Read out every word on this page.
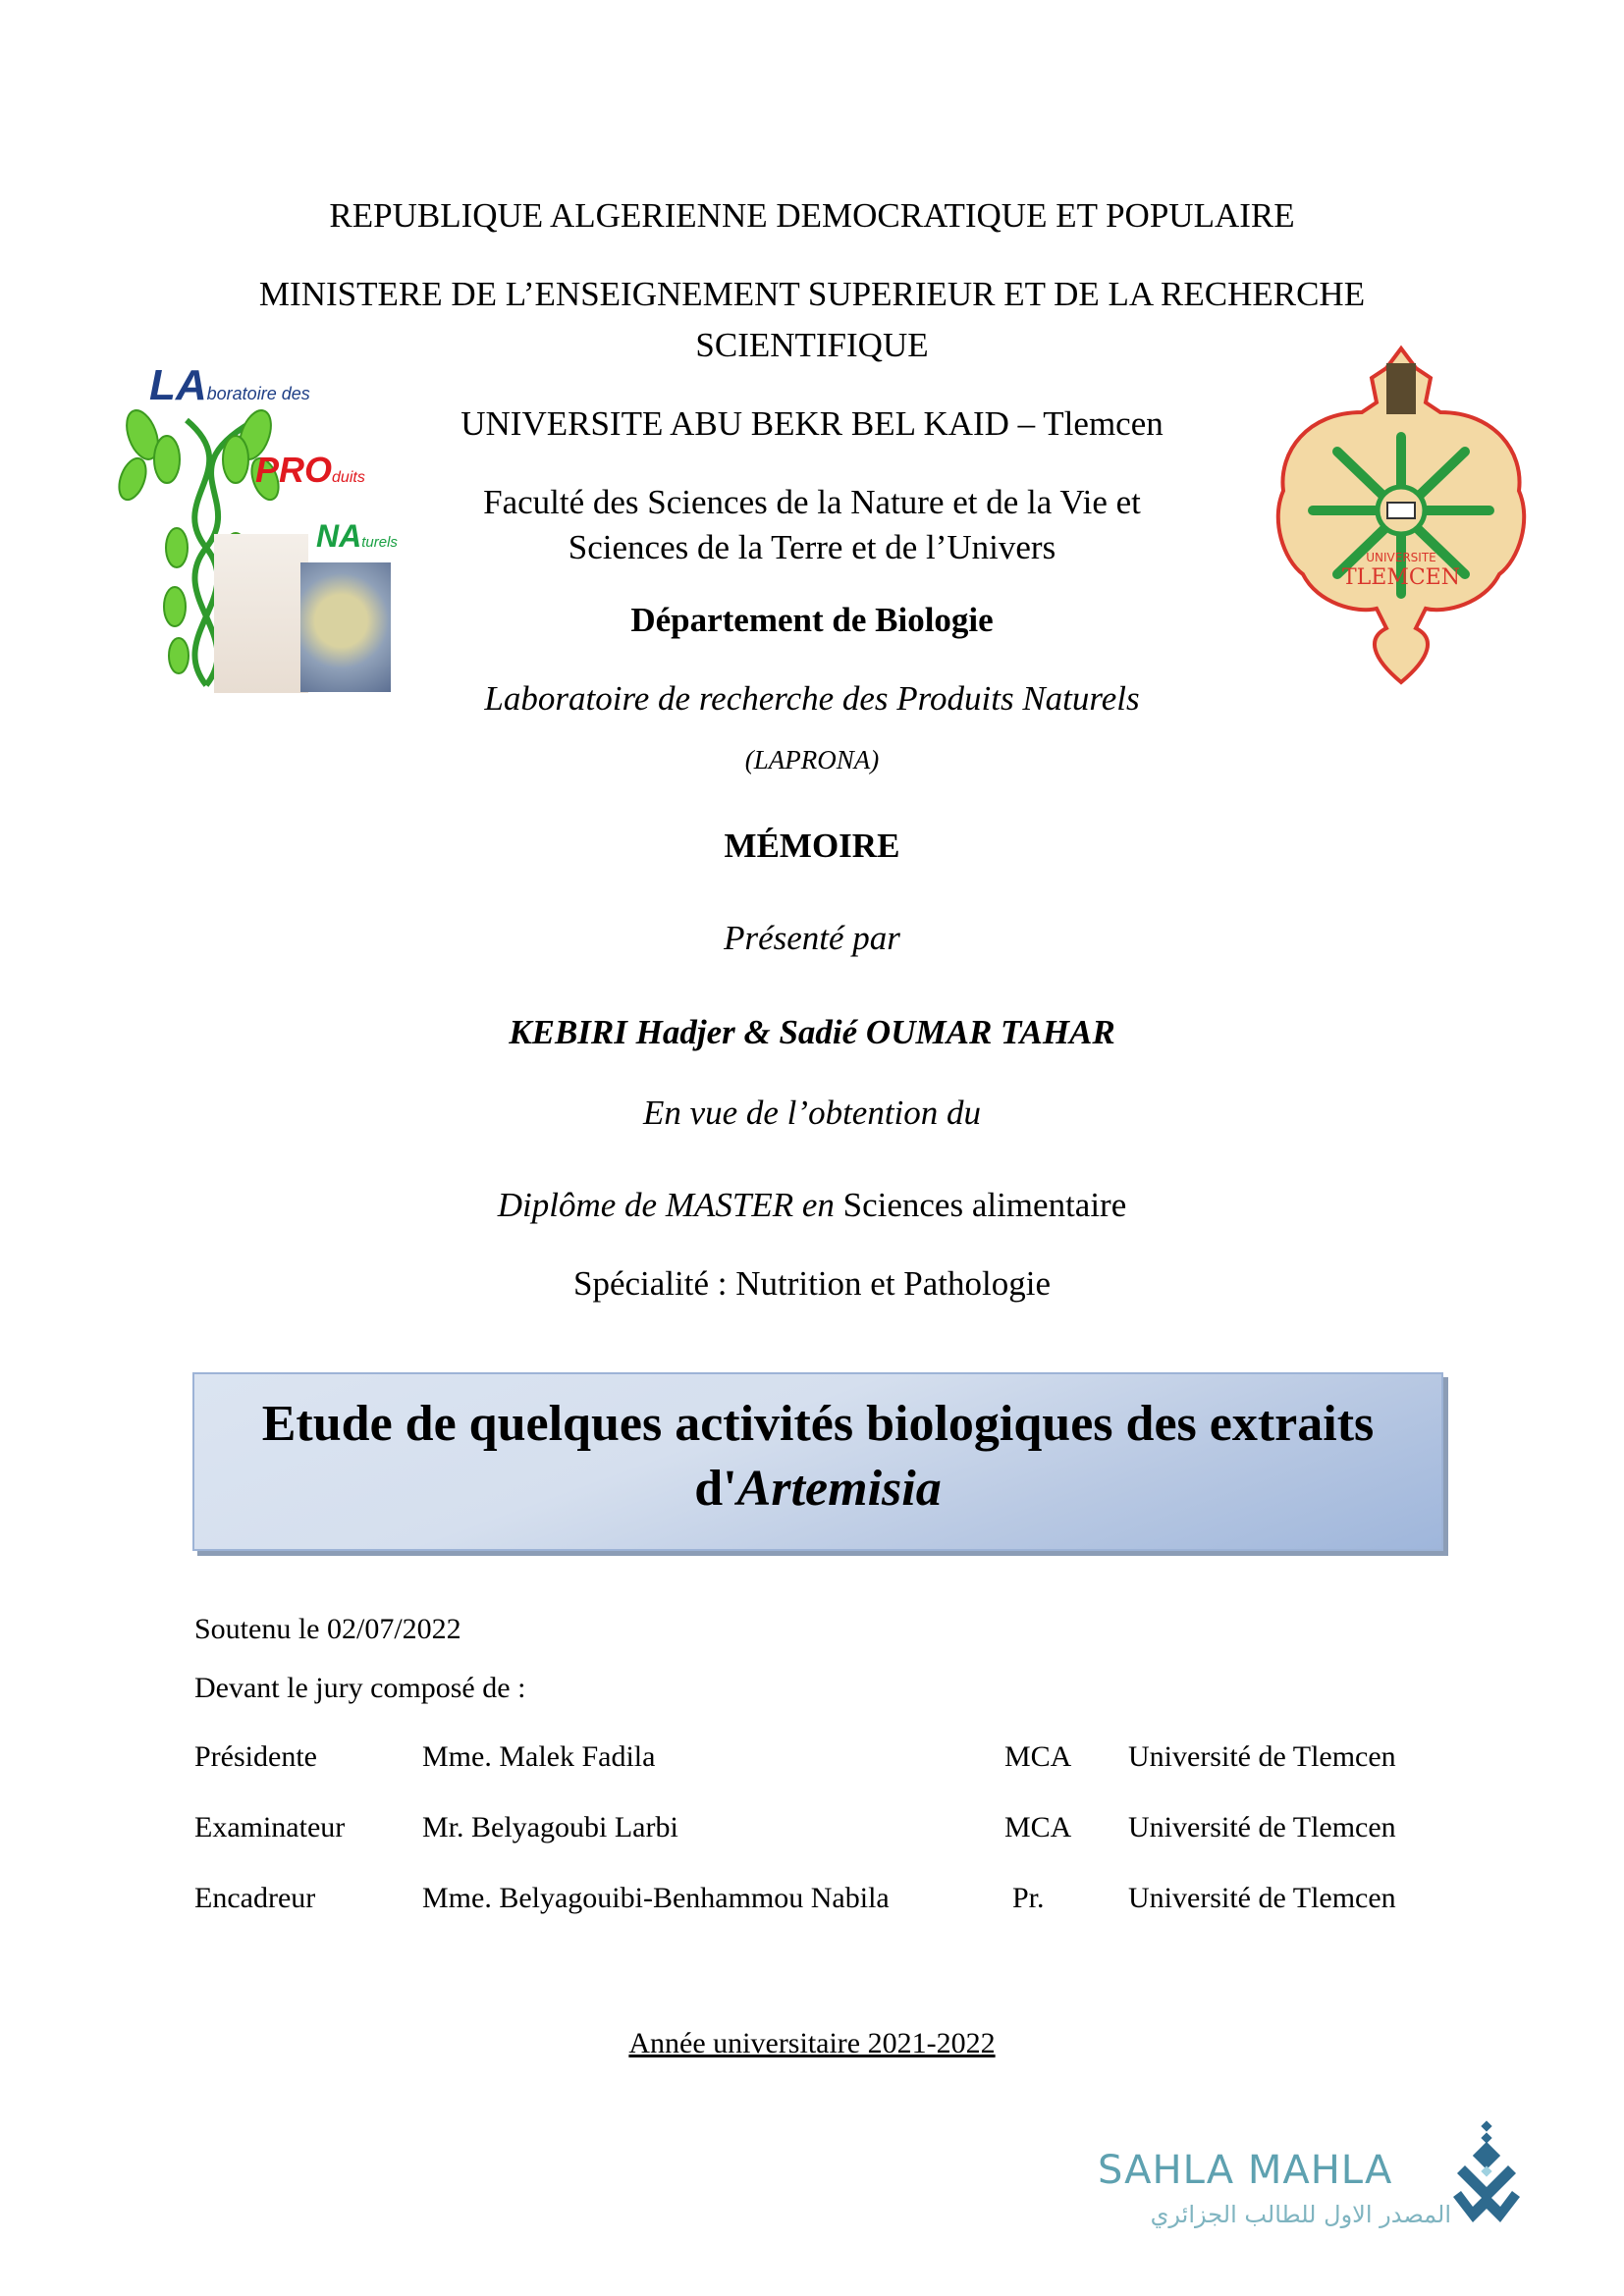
REPUBLIQUE ALGERIENNE DEMOCRATIQUE ET POPULAIRE
MINISTERE DE L’ENSEIGNEMENT SUPERIEUR ET DE LA RECHERCHE
SCIENTIFIQUE
UNIVERSITE ABU BEKR BEL KAID – Tlemcen
Faculté des Sciences de la Nature et de la Vie et
Sciences de la Terre et de l’Univers
Département de Biologie
Laboratoire de recherche des Produits Naturels
(LAPRONA)
LAboratoire des
PROduits
NAturels
UNIVERSITE
TLEMCEN
MÉMOIRE
Présenté par
KEBIRI Hadjer & Sadié OUMAR TAHAR
En vue de l’obtention du
Diplôme de MASTER en Sciences alimentaire
Spécialité : Nutrition et Pathologie
Etude de quelques activités biologiques des extraits
d'Artemisia
Soutenu le 02/07/2022
Devant le jury composé de :
Présidente	Mme. Malek Fadila	MCA Université de Tlemcen
Examinateur	Mr. Belyagoubi Larbi	MCA Université de Tlemcen
Encadreur	Mme. Belyagouibi-Benhammou Nabila	Pr.	Université de Tlemcen
Année universitaire 2021-2022
SAHLA MAHLA
المصدر الاول للطالب الجزائري
